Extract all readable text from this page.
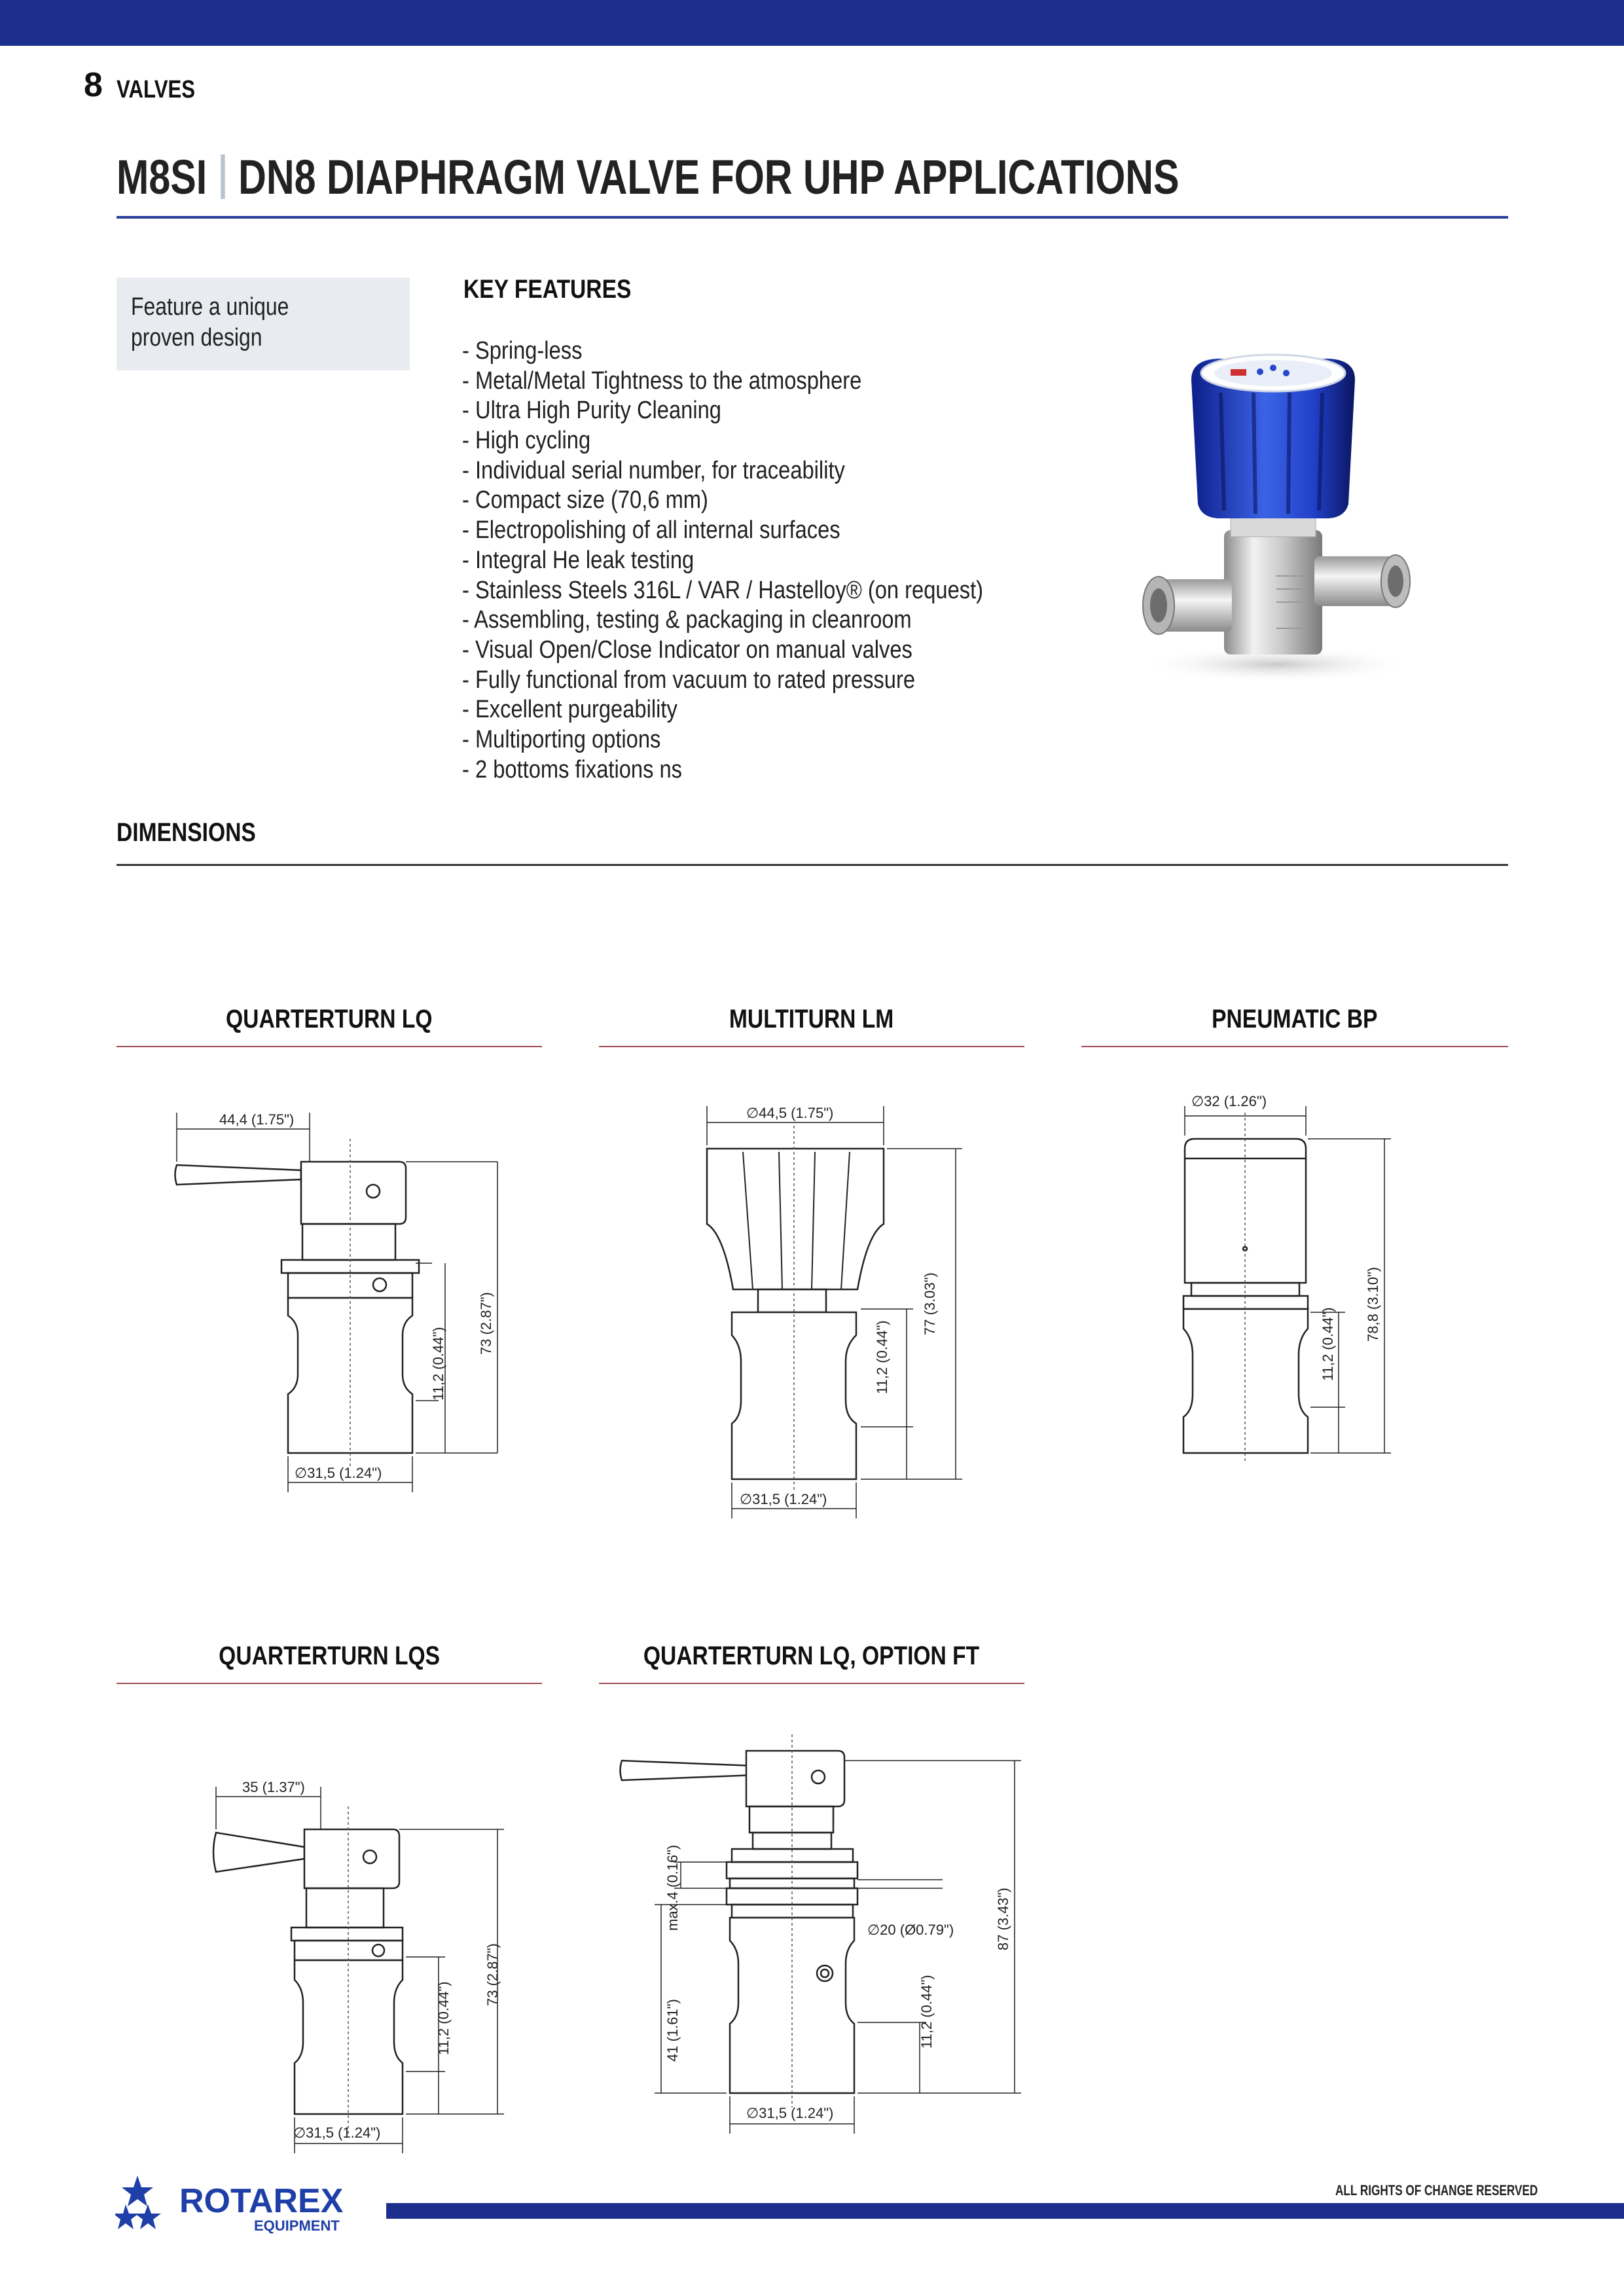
8 VALVES
M8SI DN8 DIAPHRAGM VALVE FOR UHP APPLICATIONS
Feature a unique
proven design
KEY FEATURES
- Spring-less
- Metal/Metal Tightness to the atmosphere
- Ultra High Purity Cleaning
- High cycling
- Individual serial number, for traceability
- Compact size (70,6 mm)
- Electropolishing of all internal surfaces
- Integral He leak testing
- Stainless Steels 316L / VAR / Hastelloy® (on request)
- Assembling, testing & packaging in cleanroom
- Visual Open/Close Indicator on manual valves
- Fully functional from vacuum to rated pressure
- Excellent purgeability
- Multiporting options
- 2 bottoms fixations ns
DIMENSIONS
QUARTERTURN LQ	MULTITURN LM	PNEUMATIC BP
QUARTERTURN LQS	QUARTERTURN LQ, OPTION FT
44,4 (1.75")
∅31,5 (1.24")
11,2 (0.44")
73 (2.87")
∅44,5 (1.75")
∅31,5 (1.24")
11,2 (0.44")
77 (3.03")
∅32 (1.26")
11,2 (0.44")
78,8 (3.10")
35 (1.37")
∅31,5 (1.24")
11,2 (0.44")
73 (2.87")
∅20 (Ø0.79")
∅31,5 (1.24")
max.4 (0.16")
41 (1.61")	11,2 (0.44")
87 (3.43")
ROTAREX
EQUIPMENT
ALL RIGHTS OF CHANGE RESERVED
